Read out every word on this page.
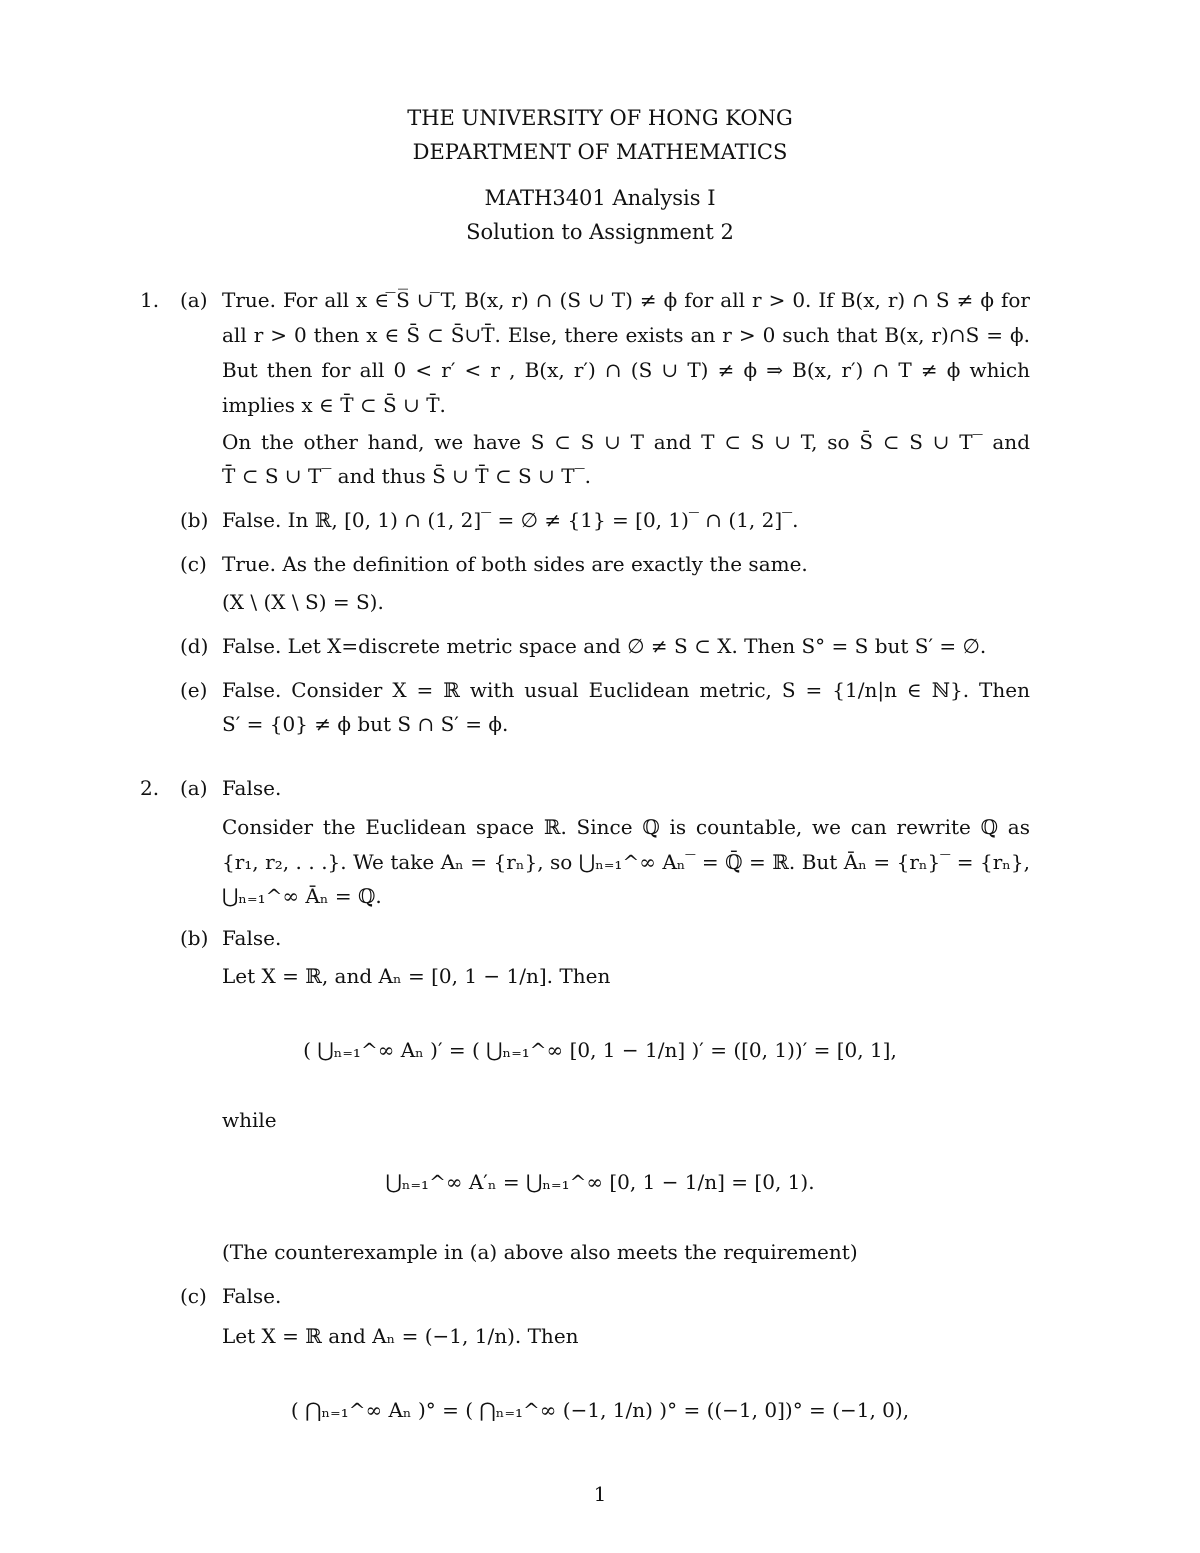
THE UNIVERSITY OF HONG KONG
DEPARTMENT OF MATHEMATICS
MATH3401 Analysis I
Solution to Assignment 2
1. (a) True. For all x ∈ ̅S̅ ∪ ̅T, B(x, r) ∩ (S ∪ T) ≠ ϕ for all r > 0. If B(x, r) ∩ S ≠ ϕ for
all r > 0 then x ∈ S̄ ⊂ S̄∪T̄. Else, there exists an r > 0 such that B(x, r)∩S = ϕ.
But then for all 0 < r′ < r , B(x, r′) ∩ (S ∪ T) ≠ ϕ ⇒ B(x, r′) ∩ T ≠ ϕ which
implies x ∈ T̄ ⊂ S̄ ∪ T̄.
On the other hand, we have S ⊂ S ∪ T and T ⊂ S ∪ T, so S̄ ⊂ S ∪ T‾ and
T̄ ⊂ S ∪ T‾ and thus S̄ ∪ T̄ ⊂ S ∪ T‾.
(b) False. In ℝ, [0, 1) ∩ (1, 2]‾ = ∅ ≠ {1} = [0, 1)‾ ∩ (1, 2]‾.
(c) True. As the definition of both sides are exactly the same.
(X \ (X \ S) = S).
(d) False. Let X=discrete metric space and ∅ ≠ S ⊂ X. Then S° = S but S′ = ∅.
(e) False. Consider X = ℝ with usual Euclidean metric, S = {1/n|n ∈ ℕ}. Then
S′ = {0} ≠ ϕ but S ∩ S′ = ϕ.
2. (a) False.
Consider the Euclidean space ℝ. Since ℚ is countable, we can rewrite ℚ as
{r₁, r₂, . . .}. We take Aₙ = {rₙ}, so ⋃ₙ₌₁^∞ Aₙ‾ = ℚ̄ = ℝ. But Āₙ = {rₙ}‾ = {rₙ},
⋃ₙ₌₁^∞ Āₙ = ℚ.
(b) False.
Let X = ℝ, and Aₙ = [0, 1 − 1/n]. Then
( ⋃ₙ₌₁^∞ Aₙ )′ = ( ⋃ₙ₌₁^∞ [0, 1 − 1/n] )′ = ([0, 1))′ = [0, 1],
while
⋃ₙ₌₁^∞ A′ₙ = ⋃ₙ₌₁^∞ [0, 1 − 1/n] = [0, 1).
(The counterexample in (a) above also meets the requirement)
(c) False.
Let X = ℝ and Aₙ = (−1, 1/n). Then
( ⋂ₙ₌₁^∞ Aₙ )° = ( ⋂ₙ₌₁^∞ (−1, 1/n) )° = ((−1, 0])° = (−1, 0),
1
